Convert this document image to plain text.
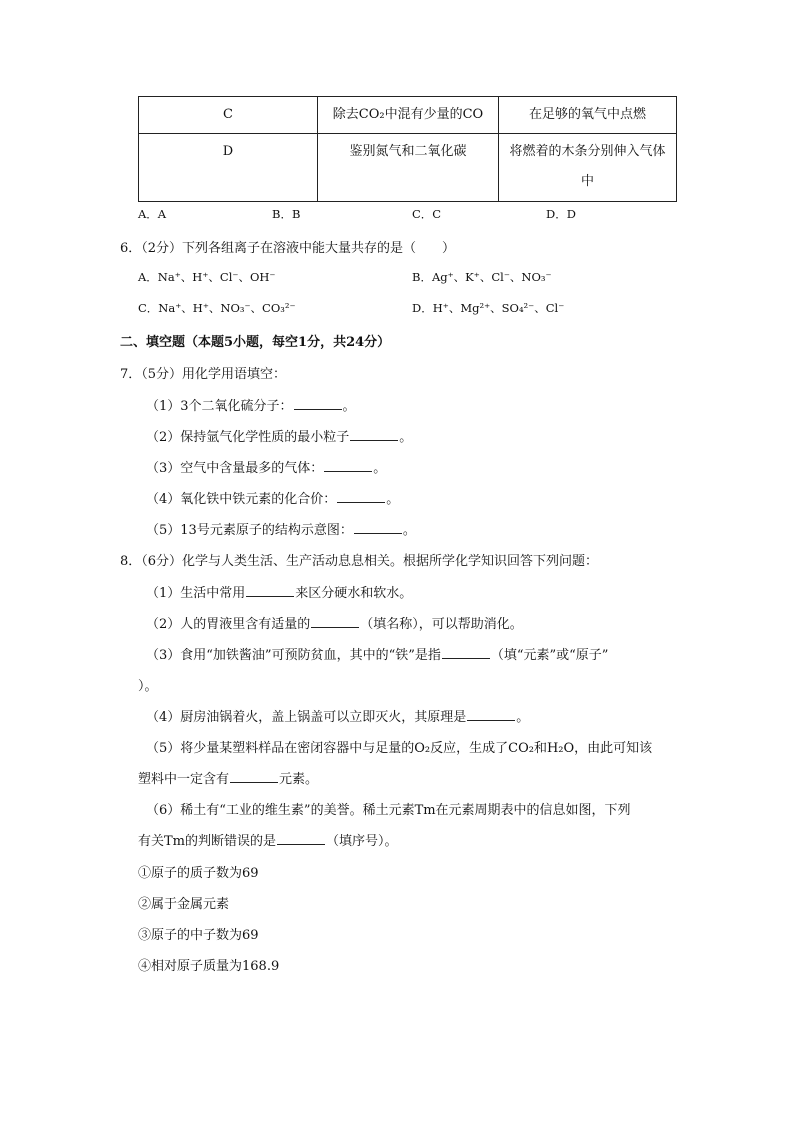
C	除去CO₂中混有少量的CO	在足够的氧气中点燃
D	鉴别氮气和二氧化碳	将燃着的木条分别伸入气体
中
A．A	B．B	C．C	D．D
6．（2分）下列各组离子在溶液中能大量共存的是（　　）
A．Na⁺、H⁺、Cl⁻、OH⁻	B．Ag⁺、K⁺、Cl⁻、NO₃⁻
C．Na⁺、H⁺、NO₃⁻、CO₃²⁻	D．H⁺、Mg²⁺、SO₄²⁻、Cl⁻
二、填空题（本题5小题，每空1分，共24分）
7．（5分）用化学用语填空：
（1）3个二氧化硫分子：	。
（2）保持氩气化学性质的最小粒子	。
（3）空气中含量最多的气体：	。
（4）氧化铁中铁元素的化合价：	。
（5）13号元素原子的结构示意图：	。
8．（6分）化学与人类生活、生产活动息息相关。根据所学化学知识回答下列问题：
（1）生活中常用	来区分硬水和软水。
（2）人的胃液里含有适量的	（填名称），可以帮助消化。
（3）食用“加铁酱油”可预防贫血，其中的“铁”是指	（填“元素”或“原子”
）。
（4）厨房油锅着火，盖上锅盖可以立即灭火，其原理是	。
（5）将少量某塑料样品在密闭容器中与足量的O₂反应，生成了CO₂和H₂O，由此可知该
塑料中一定含有	元素。
（6）稀土有“工业的维生素”的美誉。稀土元素Tm在元素周期表中的信息如图，下列
有关Tm的判断错误的是	（填序号）。
①原子的质子数为69
②属于金属元素
③原子的中子数为69
④相对原子质量为168.9
